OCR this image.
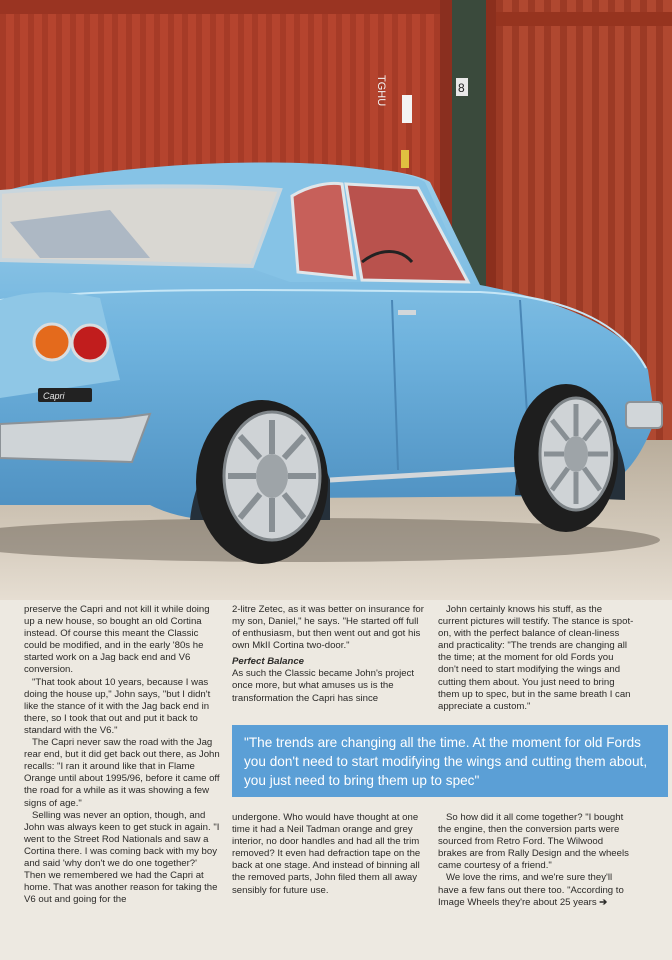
8
TGHU
Capri

preserve the Capri and not kill it while doing up a new house, so bought an old Cortina instead. Of course this meant the Classic could be modified, and in the early '80s he started work on a Jag back end and V6 conversion.

"That took about 10 years, because I was doing the house up," John says, "but I didn't like the stance of it with the Jag back end in there, so I took that out and put it back to standard with the V6."

The Capri never saw the road with the Jag rear end, but it did get back out there, as John recalls: "I ran it around like that in Flame Orange until about 1995/96, before it came off the road for a while as it was showing a few signs of age."

Selling was never an option, though, and John was always keen to get stuck in again. "I went to the Street Rod Nationals and saw a Cortina there. I was coming back with my boy and said 'why don't we do one together?' Then we remembered we had the Capri at home. That was another reason for taking the V6 out and going for the

2-litre Zetec, as it was better on insurance for my son, Daniel," he says. "He started off full of enthusiasm, but then went out and got his own MkII Cortina two-door."

Perfect Balance

As such the Classic became John's project once more, but what amuses us is the transformation the Capri has since

John certainly knows his stuff, as the current pictures will testify. The stance is spot-on, with the perfect balance of clean-liness and practicality: "The trends are changing all the time; at the moment for old Fords you don't need to start modifying the wings and cutting them about. You just need to bring them up to spec, but in the same breath I can appreciate a custom."

"The trends are changing all the time. At the moment for old Fords you don't need to start modifying the wings and cutting them about, you just need to bring them up to spec"

undergone. Who would have thought at one time it had a Neil Tadman orange and grey interior, no door handles and had all the trim removed? It even had defraction tape on the back at one stage. And instead of binning all the removed parts, John filed them all away sensibly for future use.

So how did it all come together? "I bought the engine, then the conversion parts were sourced from Retro Ford. The Wilwood brakes are from Rally Design and the wheels came courtesy of a friend."

We love the rims, and we're sure they'll have a few fans out there too. "According to Image Wheels they're about 25 years ➔
